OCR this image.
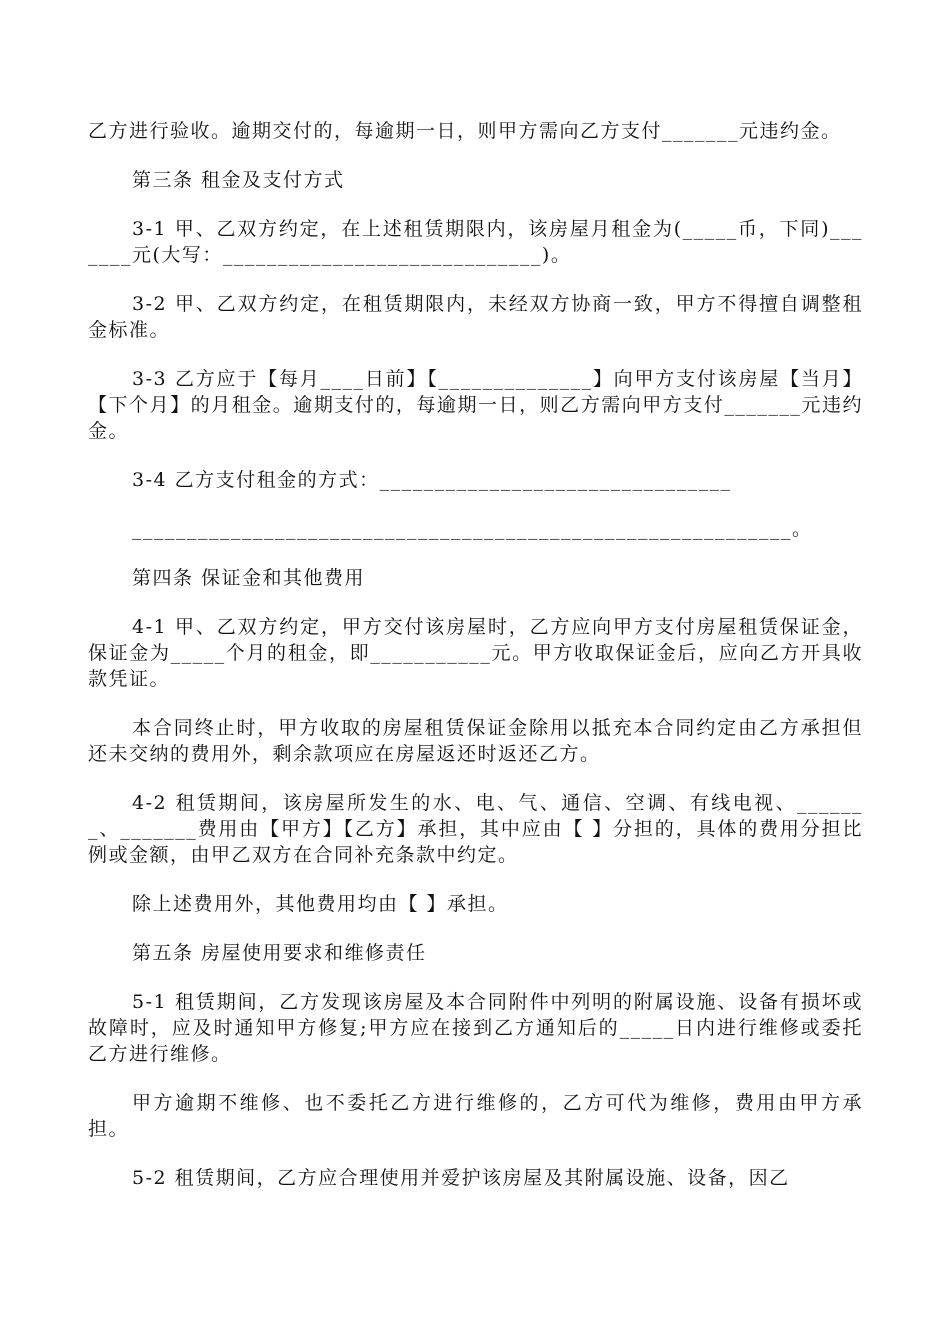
乙方进行验收。逾期交付的，每逾期一日，则甲方需向乙方支付_______元违约金。

第三条 租金及支付方式

3-1 甲、乙双方约定，在上述租赁期限内，该房屋月租金为(_____币，下同)_______元(大写：_____________________________)。

3-2 甲、乙双方约定，在租赁期限内，未经双方协商一致，甲方不得擅自调整租金标准。

3-3 乙方应于【每月____日前】【______________】向甲方支付该房屋【当月】【下个月】的月租金。逾期支付的，每逾期一日，则乙方需向甲方支付_______元违约金。

3-4 乙方支付租金的方式：________________________________

____________________________________________________________。

第四条 保证金和其他费用

4-1 甲、乙双方约定，甲方交付该房屋时，乙方应向甲方支付房屋租赁保证金，保证金为_____个月的租金，即___________元。甲方收取保证金后，应向乙方开具收款凭证。

本合同终止时，甲方收取的房屋租赁保证金除用以抵充本合同约定由乙方承担但还未交纳的费用外，剩余款项应在房屋返还时返还乙方。

4-2 租赁期间，该房屋所发生的水、电、气、通信、空调、有线电视、_______、_______费用由【甲方】【乙方】承担，其中应由【 】分担的，具体的费用分担比例或金额，由甲乙双方在合同补充条款中约定。

除上述费用外，其他费用均由【 】承担。

第五条 房屋使用要求和维修责任

5-1 租赁期间，乙方发现该房屋及本合同附件中列明的附属设施、设备有损坏或故障时，应及时通知甲方修复;甲方应在接到乙方通知后的_____日内进行维修或委托乙方进行维修。

甲方逾期不维修、也不委托乙方进行维修的，乙方可代为维修，费用由甲方承担。

5-2 租赁期间，乙方应合理使用并爱护该房屋及其附属设施、设备，因乙
